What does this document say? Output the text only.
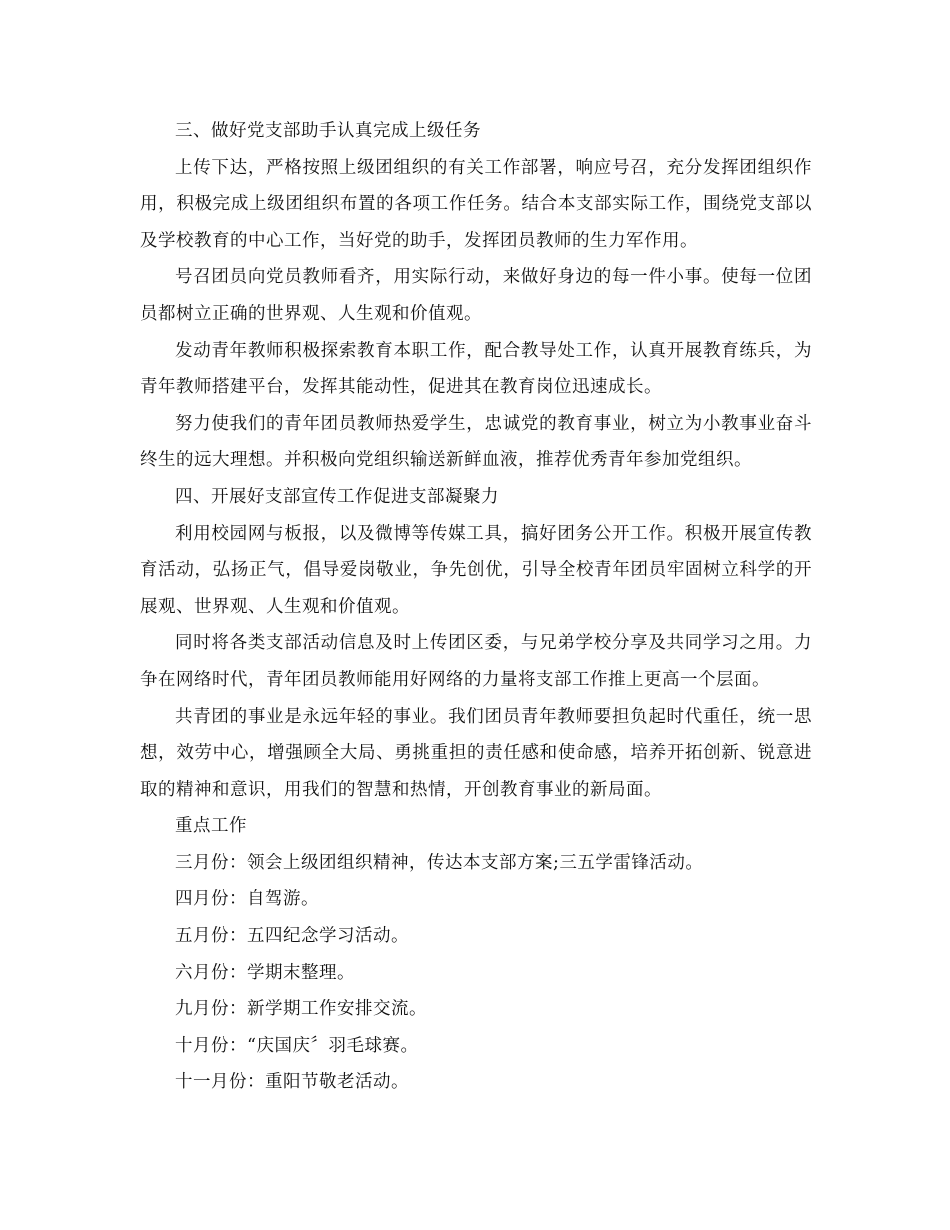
三、做好党支部助手认真完成上级任务

上传下达，严格按照上级团组织的有关工作部署，响应号召，充分发挥团组织作用，积极完成上级团组织布置的各项工作任务。结合本支部实际工作，围绕党支部以及学校教育的中心工作，当好党的助手，发挥团员教师的生力军作用。

号召团员向党员教师看齐，用实际行动，来做好身边的每一件小事。使每一位团员都树立正确的世界观、人生观和价值观。

发动青年教师积极探索教育本职工作，配合教导处工作，认真开展教育练兵，为青年教师搭建平台，发挥其能动性，促进其在教育岗位迅速成长。

努力使我们的青年团员教师热爱学生，忠诚党的教育事业，树立为小教事业奋斗终生的远大理想。并积极向党组织输送新鲜血液，推荐优秀青年参加党组织。

四、开展好支部宣传工作促进支部凝聚力

利用校园网与板报，以及微博等传媒工具，搞好团务公开工作。积极开展宣传教育活动，弘扬正气，倡导爱岗敬业，争先创优，引导全校青年团员牢固树立科学的开展观、世界观、人生观和价值观。

同时将各类支部活动信息及时上传团区委，与兄弟学校分享及共同学习之用。力争在网络时代，青年团员教师能用好网络的力量将支部工作推上更高一个层面。

共青团的事业是永远年轻的事业。我们团员青年教师要担负起时代重任，统一思想，效劳中心，增强顾全大局、勇挑重担的责任感和使命感，培养开拓创新、锐意进取的精神和意识，用我们的智慧和热情，开创教育事业的新局面。

重点工作

三月份：领会上级团组织精神，传达本支部方案;三五学雷锋活动。

四月份：自驾游。

五月份：五四纪念学习活动。

六月份：学期末整理。

九月份：新学期工作安排交流。

十月份：“庆国庆〞羽毛球赛。

十一月份：重阳节敬老活动。
